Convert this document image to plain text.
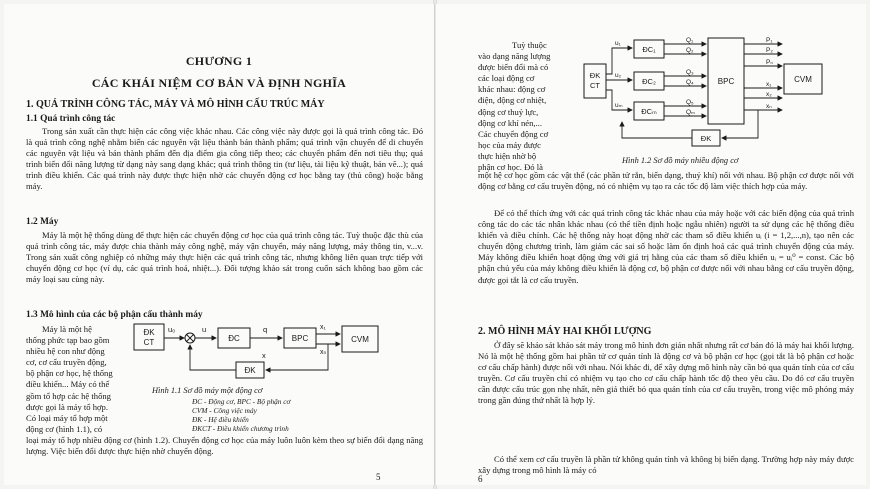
CHƯƠNG 1
CÁC KHÁI NIỆM CƠ BẢN VÀ ĐỊNH NGHĨA
1. QUÁ TRÌNH CÔNG TÁC, MÁY VÀ MÔ HÌNH CẤU TRÚC MÁY
1.1 Quá trình công tác

Trong sản xuất cần thực hiện các công việc khác nhau. Các công việc này được gọi là quá trình công tác. Đó là quá trình công nghệ nhằm biến các nguyên vật liệu thành bán thành phẩm; quá trình vận chuyển để di chuyển các nguyên vật liệu và bán thành phẩm đến địa điểm gia công tiếp theo; các chuyển phẩm đến nơi tiêu thụ; quá trình biến đổi năng lượng từ dạng này sang dạng khác; quá trình thông tin (tư liệu, tài liệu kỹ thuật, bản vẽ...); quá trình điều khiển. Các quá trình này được thực hiện nhờ các chuyển động cơ học bằng tay (thủ công) hoặc bằng máy.

1.2 Máy

Máy là một hệ thống dùng để thực hiện các chuyển động cơ học của quá trình công tác. Tuỳ thuộc đặc thù của quá trình công tác, máy được chia thành máy công nghệ, máy vận chuyển, máy năng lượng, máy thông tin, v...v. Trong sản xuất công nghiệp có những máy thực hiện các quá trình công tác, nhưng không liên quan trực tiếp với chuyển động cơ học (ví dụ, các quá trình hoá, nhiệt...). Đối tượng khảo sát trong cuốn sách không bao gồm các máy loại sau cùng này.

1.3 Mô hình của các bộ phận cấu thành máy
Máy là một hệ
thống phức tạp bao gồm
nhiều hệ con như động
cơ, cơ cấu truyền động,
bộ phận cơ học, hệ thống
điều khiển... Máy có thể
gồm tổ hợp các hệ thống
được gọi là máy tổ hợp.
Có loại máy tổ hợp một
động cơ (hình 1.1), có
ĐK
CT
u₀	u
ĐC
q
BPC
x₁
xₙ
CVM
x
ĐK
Hình 1.1 Sơ đồ máy một động cơ
ĐC - Động cơ, BPC - Bộ phận cơ
CVM - Công việc máy
ĐK - Hệ điều khiển
ĐKCT - Điều khiển chương trình

loại máy tổ hợp nhiều động cơ (hình 1.2). Chuyển động cơ học của máy luôn luôn kèm theo sự biến đổi dạng năng lượng. Việc biến đổi được thực hiện nhờ chuyển động.

5
Tuỳ thuộc
vào dạng năng lượng
được biến đổi mà có
các loại động cơ
khác nhau: động cơ
điện, động cơ nhiệt,
động cơ thuỷ lực,
động cơ khí nén,...
Các chuyển động cơ
học của máy được
thực hiện nhờ bộ
phận cơ học. Đó là
ĐK
CT
u₁
u₂
uₘ
ĐC₁
ĐC₂
ĐCₘ
Q₁
Q₂
Q₃
Q₄
Q₅
Qₘ
BPC
P₁
P₂
Pₙ
x₁
x₂
xₙ
CVM
ĐK
Hình 1.2 Sơ đồ máy nhiều động cơ

một hệ cơ học gồm các vật thể (các phần tử rắn, biến dạng, thuỷ khí) nối với nhau. Bộ phận cơ được nối với động cơ bằng cơ cấu truyền động, nó có nhiệm vụ tạo ra các tốc độ làm việc thích hợp của máy.

Để có thể thích ứng với các quá trình công tác khác nhau của máy hoặc với các biến động của quá trình công tác do các tác nhân khác nhau (có thể tiền định hoặc ngẫu nhiên) người ta sử dụng các hệ thống điều khiển và điều chỉnh. Các hệ thống này hoạt động nhờ các tham số điều khiển uᵢ (i = 1,2,...,n), tạo nên các chuyển động chương trình, làm giảm các sai số hoặc làm ổn định hoá các quá trình chuyển động của máy. Máy không điều khiển hoạt động ứng với giá trị hằng của các tham số điều khiển uᵢ = uᵢ⁰ = const. Các bộ phận chủ yếu của máy không điều khiển là động cơ, bộ phận cơ được nối với nhau bằng cơ cấu truyền động, được gọi tắt là cơ cấu truyền.

2. MÔ HÌNH MÁY HAI KHỐI LƯỢNG

Ở đây sẽ khảo sát khảo sát máy trong mô hình đơn giản nhất nhưng rất cơ bản đó là máy hai khối lượng. Nó là một hệ thống gồm hai phần tử cơ quán tính là động cơ và bộ phận cơ học (gọi tắt là bộ phận cơ hoặc cơ cấu chấp hành) được nối với nhau. Nói khác đi, để xây dựng mô hình này cần bỏ qua quán tính của cơ cấu truyền. Cơ cấu truyền chỉ có nhiệm vụ tạo cho cơ cấu chấp hành tốc độ theo yêu cầu. Do đó cơ cấu truyền cần được cấu trúc gọn nhẹ nhất, nên giả thiết bỏ qua quán tính của cơ cấu truyền, trong việc mô phỏng máy trong gần đúng thứ nhất là hợp lý.

Có thể xem cơ cấu truyền là phần tử không quán tính và không bị biến dạng. Trường hợp này máy được xây dựng trong mô hình là máy có

6
